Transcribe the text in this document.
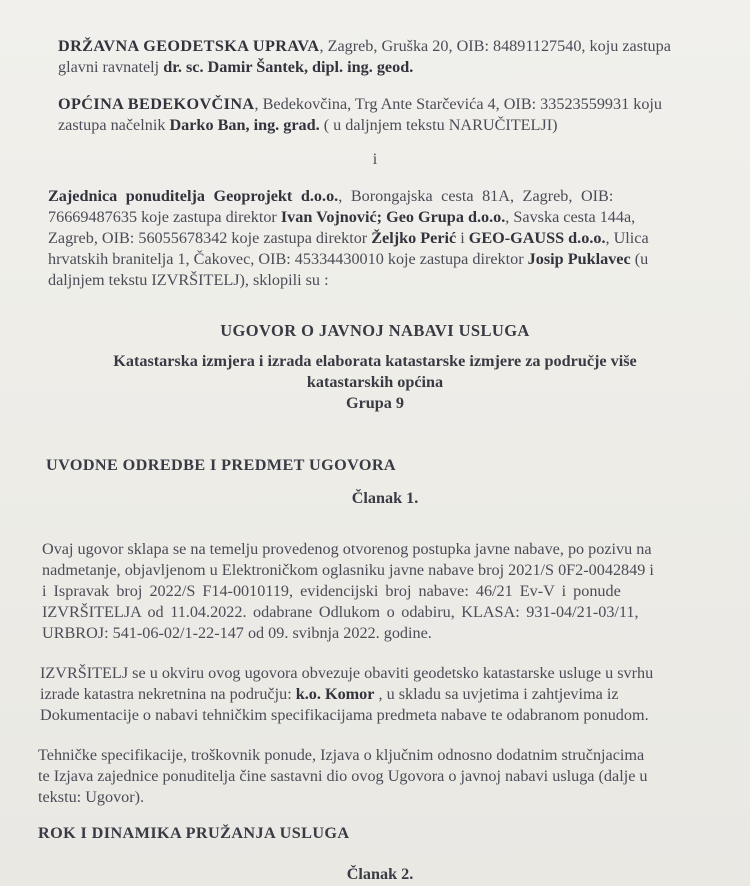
DRŽAVNA GEODETSKA UPRAVA, Zagreb, Gruška 20, OIB: 84891127540, koju zastupa

glavni ravnatelj dr. sc. Damir Šantek, dipl. ing. geod.

OPĆINA BEDEKOVČINA, Bedekovčina, Trg Ante Starčevića 4, OIB: 33523559931 koju

zastupa načelnik Darko Ban, ing. grad. ( u daljnjem tekstu NARUČITELJI)

i

Zajednica ponuditelja Geoprojekt d.o.o., Borongajska cesta 81A, Zagreb, OIB:

76669487635 koje zastupa direktor Ivan Vojnović; Geo Grupa d.o.o., Savska cesta 144a,

Zagreb, OIB: 56055678342 koje zastupa direktor Željko Perić i GEO-GAUSS d.o.o., Ulica

hrvatskih branitelja 1, Čakovec, OIB: 45334430010 koje zastupa direktor Josip Puklavec (u

daljnjem tekstu IZVRŠITELJ), sklopili su :

UGOVOR O JAVNOJ NABAVI USLUGA

Katastarska izmjera i izrada elaborata katastarske izmjere za područje više

katastarskih općina

Grupa 9

UVODNE ODREDBE I PREDMET UGOVORA

Članak 1.

Ovaj ugovor sklapa se na temelju provedenog otvorenog postupka javne nabave, po pozivu na

nadmetanje, objavljenom u Elektroničkom oglasniku javne nabave broj 2021/S 0F2-0042849 i

i Ispravak broj 2022/S F14-0010119, evidencijski broj nabave: 46/21 Ev-V i ponude

IZVRŠITELJA od 11.04.2022. odabrane Odlukom o odabiru, KLASA: 931-04/21-03/11,

URBROJ: 541-06-02/1-22-147 od 09. svibnja 2022. godine.

IZVRŠITELJ se u okviru ovog ugovora obvezuje obaviti geodetsko katastarske usluge u svrhu

izrade katastra nekretnina na području: k.o. Komor , u skladu sa uvjetima i zahtjevima iz

Dokumentacije o nabavi tehničkim specifikacijama predmeta nabave te odabranom ponudom.

Tehničke specifikacije, troškovnik ponude, Izjava o ključnim odnosno dodatnim stručnjacima

te Izjava zajednice ponuditelja čine sastavni dio ovog Ugovora o javnoj nabavi usluga (dalje u

tekstu: Ugovor).

ROK I DINAMIKA PRUŽANJA USLUGA

Članak 2.
